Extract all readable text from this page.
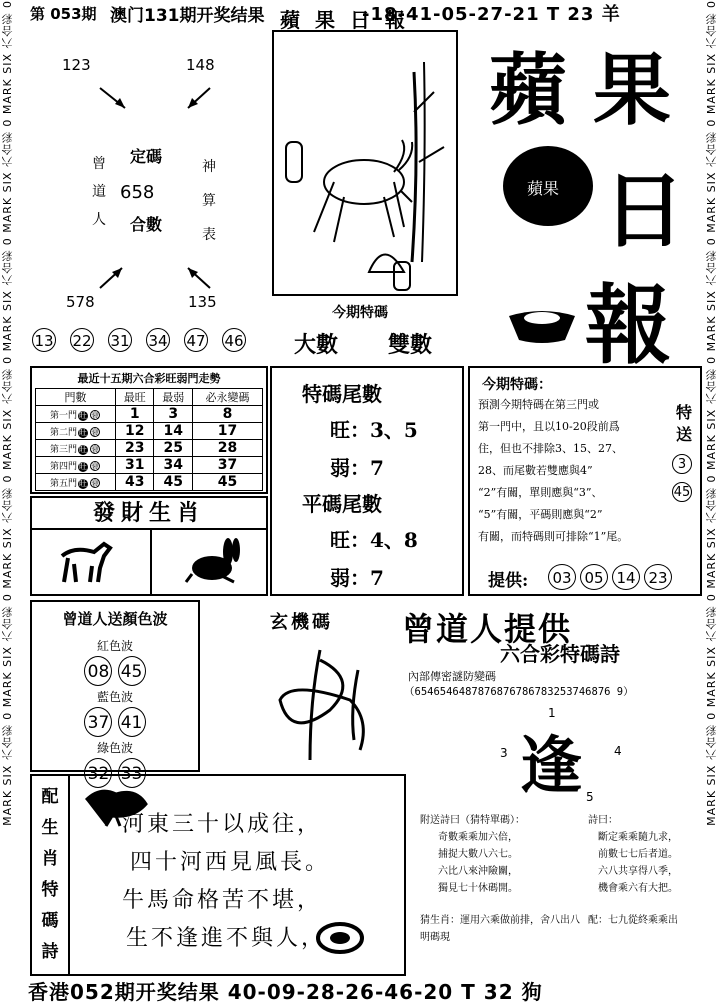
MARK SIX 六合彩 0 MARK SIX 六合彩 0 MARK SIX 六合彩 0 MARK SIX 六合彩 0 MARK SIX 六合彩 0 MARK SIX 六合彩 0 MARK SIX 六合彩 0	MARK SIX 六合彩 0 MARK SIX 六合彩 0 MARK SIX 六合彩 0 MARK SIX 六合彩 0 MARK SIX 六合彩 0 MARK SIX 六合彩 0 MARK SIX 六合彩 0
第 053期 澳门131期开奖结果	-18-41-05-27-21 T 23 羊
蘋 果 日 報
123	148
578	135
定碼
658
合數
曾
道
人
神
算
表
13 22 31 34 47 46
蘋 果
蘋果 日
報
今期特碼
大數 雙數
最近十五期六合彩旺弱門走勢
門數	最旺	最弱	必永變碼
第一門 旺 衰	1	3	8
第二門 旺 衰	12	14	17
第三門 旺 衰	23	25	28
第四門 旺 衰	31	34	37
第五門 旺 衰	43	45	45
發財生肖
特碼尾數
旺：3、5
弱：7
平碼尾數
旺：4、8
弱：7
今期特碼：
預測今期特碼在第三門或
第一門中，且以10-20段前爲
住，但也不排除3、15、27、
28、而尾數若雙應與4”
“2”有關，單則應與“3”、
“5”有關，平碼則應與“2”
有關，而特碼則可排除“1”尾。
特
送
3
45
提供: 03 05 14 23
曾道人送顏色波
紅色波
08 45
藍色波
37 41
綠色波
32 33
玄機碼 曾道人提供
六合彩特碼詩
內部傳密謎防變碼
（6546546487876876786783253746876 9）
1
3 逢	4
5
附送詩曰（猜特單碼）：
奇數乘乘加六倍，
捕捉大數八六七。
六比八來沖險關，
獨見七十休碼開。
詩曰：
斷定乘乘隨九求，
前數七七后者道。
六八共享得八季，
機會乘六有大把。
猜生肖：運用六乘做前排，舍八出八明碼現
配：七九從終乘乘出
配
生
肖
特
碼
詩
河東三十以成往，
四十河西見風長。
牛馬命格苦不堪，
生不逢進不與人，
香港052期开奖结果 40-09-28-26-46-20 T 32 狗
